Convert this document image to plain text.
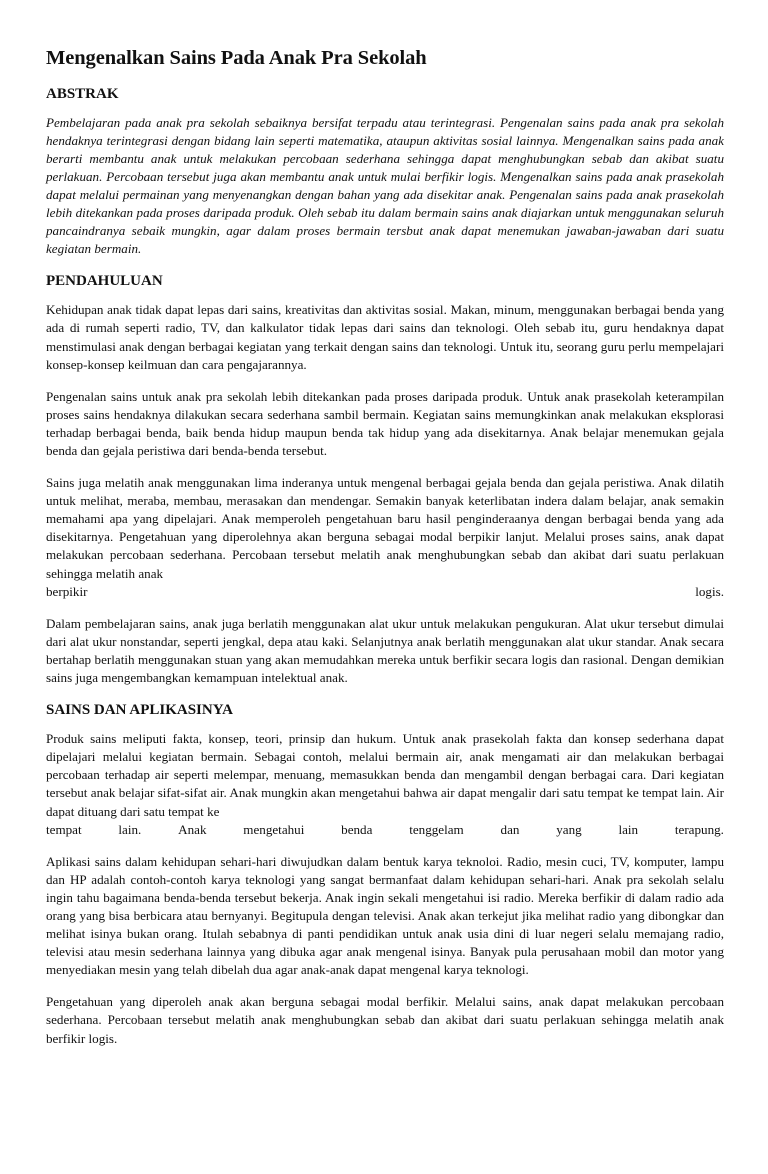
Mengenalkan Sains Pada Anak Pra Sekolah
ABSTRAK

Pembelajaran pada anak pra sekolah sebaiknya bersifat terpadu atau terintegrasi. Pengenalan sains pada anak pra sekolah hendaknya terintegrasi dengan bidang lain seperti matematika, ataupun aktivitas sosial lainnya. Mengenalkan sains pada anak berarti membantu anak untuk melakukan percobaan sederhana sehingga dapat menghubungkan sebab dan akibat suatu perlakuan. Percobaan tersebut juga akan membantu anak untuk mulai berfikir logis. Mengenalkan sains pada anak prasekolah dapat melalui permainan yang menyenangkan dengan bahan yang ada disekitar anak. Pengenalan sains pada anak prasekolah lebih ditekankan pada proses daripada produk. Oleh sebab itu dalam bermain sains anak diajarkan untuk menggunakan seluruh pancaindranya sebaik mungkin, agar dalam proses bermain tersbut anak dapat menemukan jawaban-jawaban dari suatu kegiatan bermain.

PENDAHULUAN

Kehidupan anak tidak dapat lepas dari sains, kreativitas dan aktivitas sosial. Makan, minum, menggunakan berbagai benda yang ada di rumah seperti radio, TV, dan kalkulator tidak lepas dari sains dan teknologi. Oleh sebab itu, guru hendaknya dapat menstimulasi anak dengan berbagai kegiatan yang terkait dengan sains dan teknologi. Untuk itu, seorang guru perlu mempelajari konsep-konsep keilmuan dan cara pengajarannya.

Pengenalan sains untuk anak pra sekolah lebih ditekankan pada proses daripada produk. Untuk anak prasekolah keterampilan proses sains hendaknya dilakukan secara sederhana sambil bermain. Kegiatan sains memungkinkan anak melakukan eksplorasi terhadap berbagai benda, baik benda hidup maupun benda tak hidup yang ada disekitarnya. Anak belajar menemukan gejala benda dan gejala peristiwa dari benda-benda tersebut.

Sains juga melatih anak menggunakan lima inderanya untuk mengenal berbagai gejala benda dan gejala peristiwa. Anak dilatih untuk melihat, meraba, membau, merasakan dan mendengar. Semakin banyak keterlibatan indera dalam belajar, anak semakin memahami apa yang dipelajari. Anak memperoleh pengetahuan baru hasil penginderaanya dengan berbagai benda yang ada disekitarnya. Pengetahuan yang diperolehnya akan berguna sebagai modal berpikir lanjut. Melalui proses sains, anak dapat melakukan percobaan sederhana. Percobaan tersebut melatih anak menghubungkan sebab dan akibat dari suatu perlakuan sehingga melatih anak

berpikir	logis.

Dalam pembelajaran sains, anak juga berlatih menggunakan alat ukur untuk melakukan pengukuran. Alat ukur tersebut dimulai dari alat ukur nonstandar, seperti jengkal, depa atau kaki. Selanjutnya anak berlatih menggunakan alat ukur standar. Anak secara bertahap berlatih menggunakan stuan yang akan memudahkan mereka untuk berfikir secara logis dan rasional. Dengan demikian sains juga mengembangkan kemampuan intelektual anak.

SAINS DAN APLIKASINYA

Produk sains meliputi fakta, konsep, teori, prinsip dan hukum. Untuk anak prasekolah fakta dan konsep sederhana dapat dipelajari melalui kegiatan bermain. Sebagai contoh, melalui bermain air, anak mengamati air dan melakukan berbagai percobaan terhadap air seperti melempar, menuang, memasukkan benda dan mengambil dengan berbagai cara. Dari kegiatan tersebut anak belajar sifat-sifat air. Anak mungkin akan mengetahui bahwa air dapat mengalir dari satu tempat ke tempat lain. Air dapat dituang dari satu tempat ke

tempat	lain.	Anak	mengetahui	benda	tenggelam	dan	yang	lain	terapung.

Aplikasi sains dalam kehidupan sehari-hari diwujudkan dalam bentuk karya teknoloi. Radio, mesin cuci, TV, komputer, lampu dan HP adalah contoh-contoh karya teknologi yang sangat bermanfaat dalam kehidupan sehari-hari. Anak pra sekolah selalu ingin tahu bagaimana benda-benda tersebut bekerja. Anak ingin sekali mengetahui isi radio. Mereka berfikir di dalam radio ada orang yang bisa berbicara atau bernyanyi. Begitupula dengan televisi. Anak akan terkejut jika melihat radio yang dibongkar dan melihat isinya bukan orang. Itulah sebabnya di panti pendidikan untuk anak usia dini di luar negeri selalu memajang radio, televisi atau mesin sederhana lainnya yang dibuka agar anak mengenal isinya. Banyak pula perusahaan mobil dan motor yang menyediakan mesin yang telah dibelah dua agar anak-anak dapat mengenal karya teknologi.

Pengetahuan yang diperoleh anak akan berguna sebagai modal berfikir. Melalui sains, anak dapat melakukan percobaan sederhana. Percobaan tersebut melatih anak menghubungkan sebab dan akibat dari suatu perlakuan sehingga melatih anak berfikir logis.
